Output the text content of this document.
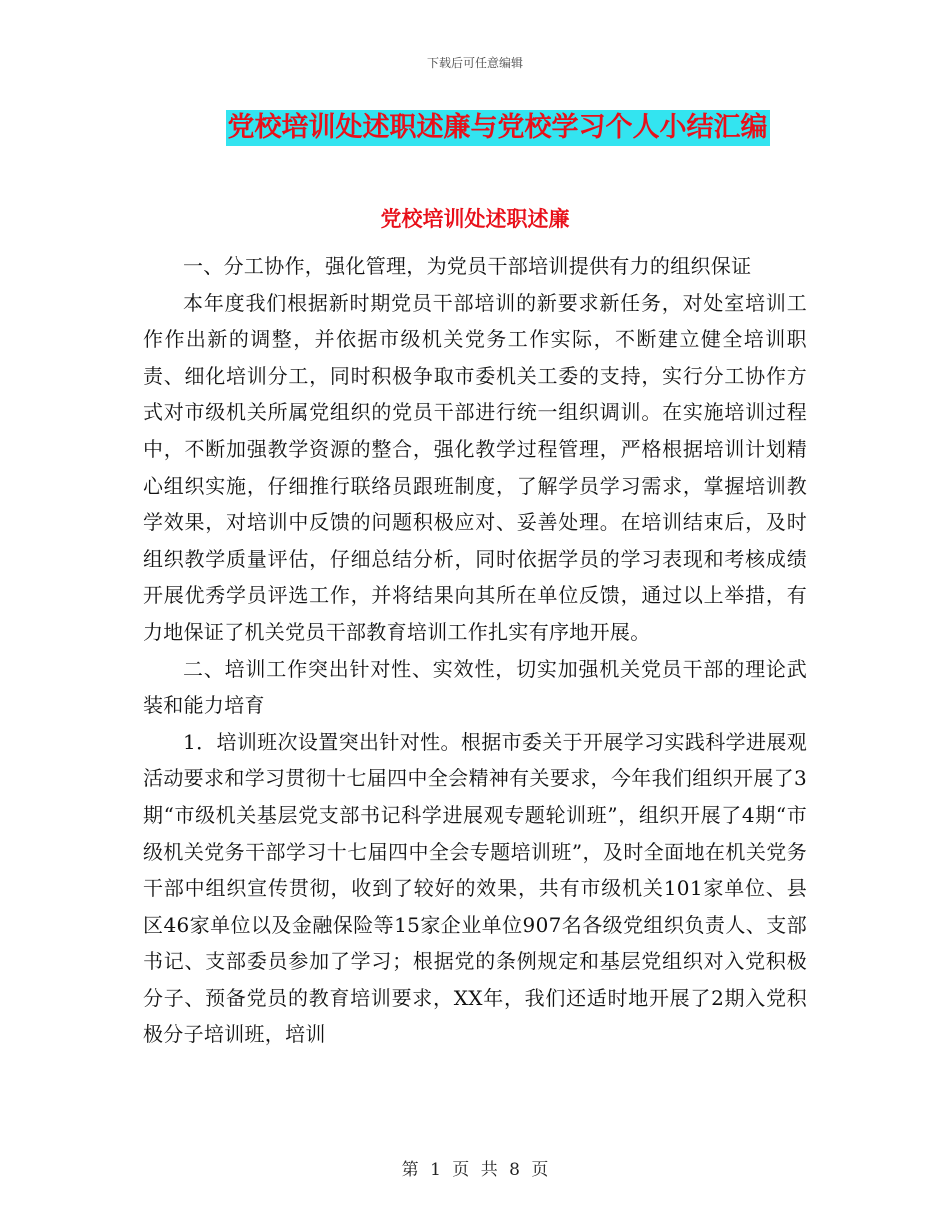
下载后可任意编辑
党校培训处述职述廉与党校学习个人小结汇编
党校培训处述职述廉

一、分工协作，强化管理，为党员干部培训提供有力的组织保证

本年度我们根据新时期党员干部培训的新要求新任务，对处室培训工作作出新的调整，并依据市级机关党务工作实际，不断建立健全培训职责、细化培训分工，同时积极争取市委机关工委的支持，实行分工协作方式对市级机关所属党组织的党员干部进行统一组织调训。在实施培训过程中，不断加强教学资源的整合，强化教学过程管理，严格根据培训计划精心组织实施，仔细推行联络员跟班制度，了解学员学习需求，掌握培训教学效果，对培训中反馈的问题积极应对、妥善处理。在培训结束后，及时组织教学质量评估，仔细总结分析，同时依据学员的学习表现和考核成绩开展优秀学员评选工作，并将结果向其所在单位反馈，通过以上举措，有力地保证了机关党员干部教育培训工作扎实有序地开展。

二、培训工作突出针对性、实效性，切实加强机关党员干部的理论武装和能力培育

1．培训班次设置突出针对性。根据市委关于开展学习实践科学进展观活动要求和学习贯彻十七届四中全会精神有关要求，今年我们组织开展了3期“市级机关基层党支部书记科学进展观专题轮训班”，组织开展了4期“市级机关党务干部学习十七届四中全会专题培训班”，及时全面地在机关党务干部中组织宣传贯彻，收到了较好的效果，共有市级机关101家单位、县区46家单位以及金融保险等15家企业单位907名各级党组织负责人、支部书记、支部委员参加了学习；根据党的条例规定和基层党组织对入党积极分子、预备党员的教育培训要求，XX年，我们还适时地开展了2期入党积极分子培训班，培训

第 1 页 共 8 页
